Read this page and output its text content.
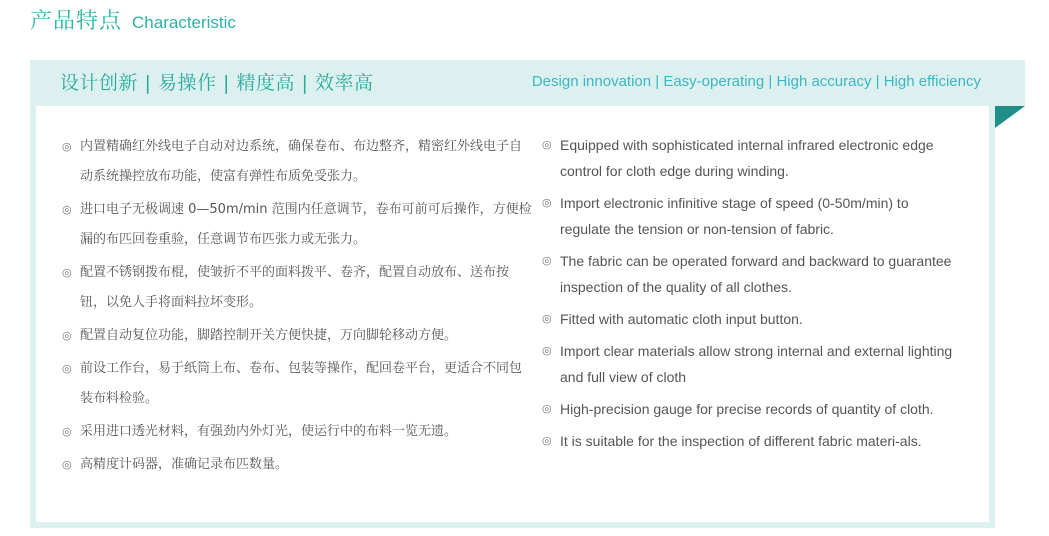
产品特点 Characteristic
设计创新 | 易操作 | 精度高 | 效率高	Design innovation | Easy-operating | High accuracy | High efficiency
◎ 内置精确红外线电子自动对边系统，确保卷布、布边整齐，精密红外线电子自动系统操控放布功能，使富有弹性布质免受张力。
◎ 进口电子无极调速 0—50m/min 范围内任意调节，卷布可前可后操作，方便检漏的布匹回卷重验，任意调节布匹张力或无张力。
◎ 配置不锈钢拨布棍，使皱折不平的面料拨平、卷齐，配置自动放布、送布按钮，以免人手将面料拉坏变形。
◎ 配置自动复位功能，脚踏控制开关方便快捷，万向脚轮移动方便。
◎ 前设工作台，易于纸筒上布、卷布、包装等操作，配回卷平台，更适合不同包装布料检验。
◎ 采用进口透光材料，有强劲内外灯光，使运行中的布料一览无遗。
◎ 高精度计码器，准确记录布匹数量。
◎ Equipped with sophisticated internal infrared electronic edge control for cloth edge during winding.
◎ Import electronic infinitive stage of speed (0-50m/min) to regulate the tension or non-tension of fabric.
◎ The fabric can be operated forward and backward to guarantee inspection of the quality of all clothes.
◎ Fitted with automatic cloth input button.
◎ Import clear materials allow strong internal and external lighting and full view of cloth
◎ High-precision gauge for precise records of quantity of cloth.
◎ It is suitable for the inspection of different fabric materi-als.
